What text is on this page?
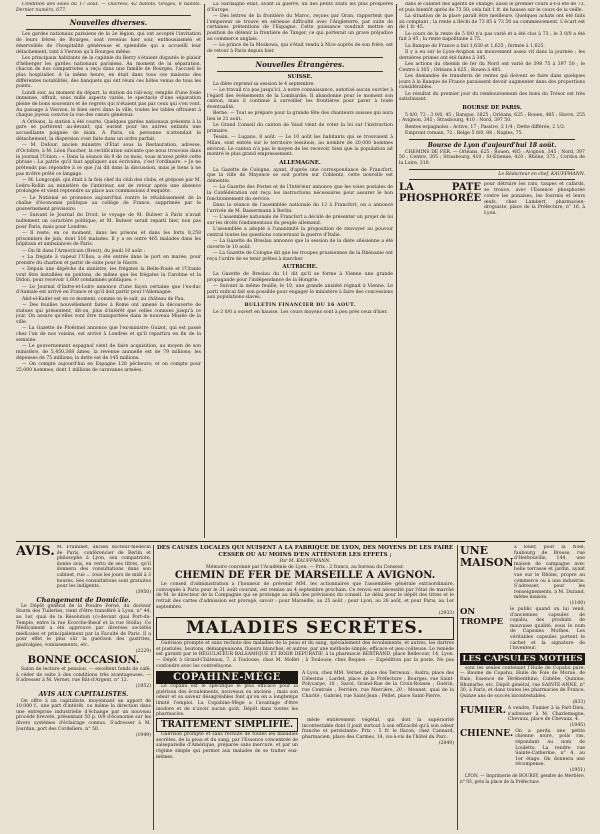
Condition des soies du 17 août. — Ouvrées, 42 ballots. Grèges, 8 ballots. Dernier numéro, 677.

Nouvelles diverses.

Les gardes nationaux parisiens de la 2e légion, qui ont accepté l'invitation de leurs frères de Bourges, sont revenus hier soir, enthousiasmés et émerveillés de l'hospitalité généreuse et splendide qui a accueilli leur détachement, tant à Vierzon qu'à Bourges même.

Les principaux habitants de la capitale du Berry s'étaient disputés le plaisir d'héberger les gardes nationaux parisiens. Au moment de la séparation, chacun de nos compatriotes a reçu dans une famille de Bourges, l'accueil le plus hospitalier. A la même heure, en était dans tous ces maisons des différentes notabilités, des banquets qui ont réuni ces hôtes venus de tous les points.

Lundi soir, au moment du départ, la station du rail-way, remplie d'une foule immense, offrait, sous mille aspects variés, le spectacle d'une séparation pleine de bons souvenirs et de regrets qui n'étaient pas par ceux qui s'en vont. Au passage à Vierzon, le bien servi dans la ville, toutes les tables offraient à chaque joyeux convive la vue des cœurs généreux.

A Orléans, la station a été courte. Quelques gardes nationaux présents à la gare se portèrent au-devant, qui eurent pour les autres enfants une accueillante poignée de main. A Paris, où personne n'attendait le détachement, la dispersion s'est faite dans un ordre parfait.

— M. Dufour, ancien ministre d'État sous la Restauration, adresse, d'Octobre, à M. Léon Faucher, la rectification suivante que nous trouvons dans le journal l'Union : « Dans la séance du 9 de ce mois, vous m'avez prêté cette phrase : La patrie qu'il faut appliquer aux écrivains, c'est l'ordinaire. » Je ne prétends pas répondre à ce que j'ai dit dans la discussion, mais je tiens à ne pas m'être prêté ce langage.

— M. Longcopié, qui était à la fois chef du club des clubs, et préposé par M. Ledru-Rollin au ministère de l'intérieur, est de retour après une absence prolongée et vient reprendre sa place aux commissions d'enquête.

— Le National se prononce aujourd'hui contre le rétablissement de la chaîne d'économie politique au collège de France, supprimée par le gouvernement provisoire.

— Suivant le Journal du Droit, le voyage de M. Bulwer à Paris n'avait nullement un caractère politique, et M. Bulwer serait reparti hier, non pas pour Paris, mais pour Londres.

— Il reste, en ce moment, dans les prisons et dans les forts 8,258 prisonniers de juin, dont 516 malades. Il y a en outre 465 malades dans les hôpitaux et ambulances de Paris.

— On lit dans l'Armoricain (Brest), du jeudi 10 août :

« La frégate à vapeur l'Ulloa, a été entrée dans le port en marée, pour prendre du charbon et partir de suite pour le Havre.

« Depuis une dépêche du ministre, les frégates la Belle-Poule et l'Uranie vont être installées en pontons, de même que les frégates la Caroline et la Didon, pour recevoir 1,600 condamnés politiques. »

— Le Journal d'Indre-et-Loire annonce d'une façon certaine que l'ex-duc d'Aumale est arrivé en France et qu'il doit partir pour l'Allemagne.

Abd-el-Kader est en ce moment, comme on le sait, au château de Pau.

— Des fouilles nouvellement faites à Rome ont amené la découverte de statues qui présentent, dit-on, plus d'intérêt que celles connues jusqu'à ce jour. On assure qu'elles vont être transportées dans le nouveau Musée de la ville.

— La Gazette de Ploërmel annonce que l'ex-ministre Guizot, qui est passé chez l'un de nos voisins, est arrivé à Londres et qu'il repartira en fin de la semaine.

— Le gouvernement espagnol vient de faire acquisition, au moyen de son ministère, de 5,450,368 âmes; la revenue annuelle est de 79 millions; les dépenses de 75 millions; la dette est de 145 millions.

— On compte aujourd'hui en Espagne 128 pêcheurs; et on compte pour 25,000 hommes, dont 1 millions de caravanes armées.

La Sardaigne était, avant la guerre, un des petits États les plus prospères d'Europe.

— Des lettres de la frontière du Maroc, reçues par Oran, rapportent que l'empereur se trouve en sérieuse difficulté avec l'Angleterre, par suite de certaines prétentions de l'Espagne. Cette puissance voudrait mettre en position de détenir la frontière de Tanger, ce qui porterait un grave préjudice au commerce anglais.

— Le prince de la Moskowa, qui s'était rendu à Nice auprès de son frère, est de retour à Paris depuis hier.

Nouvelles Étrangères.
SUISSE.

La diète reprend sa session le 4 septembre.

— Le travail n'a pas jusqu'ici, à notre connaissance, autorisé aucun ouvrier à l'égard des événements de la Lombardie. Il abandonne pour le moment son canton, mais il continue à surveiller les frontières pour parer à toute éventualité.

Berne. — Tout se prépare pour la grande fête des chanteurs suisses qui aura lieu le 21 août.

Le Grand Conseil du canton de Vaud vient de voter la loi sur l'instruction primaire.

Tessin. — Lugano, 8 août. — Le 10 août les habitants qui se trouvaient à Milan, sont entrés sur le territoire tessinois, au nombre de 20,000 hommes environ. Le canton n'a pas le moyen de les recevoir, bien que la population ait montré le plus grand empressement.

ALLEMAGNE.

La Gazette de Cologne, ayant, d'après une correspondance de Francfort, que la ville de Mayence se soit portée sur Coblentz, cette nouvelle est démentie.

— La Gazette des Postes et de l'Intérieur annonce que les voies postales de la Confédération ont reçu les instructions nécessaires pour assurer le bon fonctionnement du service.

Dans la séance de l'assemblée nationale du 12 à Francfort, on a annoncé l'arrivée de M. Bassermann à Berlin.

— L'assemblée nationale de Francfort a décidé de présenter un projet de loi sur les droits fondamentaux du peuple allemand.

L'assemblée a adopté à l'unanimité la proposition de renvoyer au pouvoir central toutes les questions concernant la guerre d'Italie.

— La Gazette de Breslau annonce que la session de la diète silésienne a été ouverte le 10 août.

— La Gazette de Cologne dit que les troupes prussiennes de la Rhénanie ont reçu l'ordre de se tenir prêtes à marcher.

AUTRICHE.

La Gazette de Breslau du 11 dit qu'il se forme à Vienne une grande propagande pour l'indépendance de la Hongrie.

— Suivant la même feuille, le 10, une grande anxiété régnait à Vienne. Le parti radical fait son possible pour engager le ministère à faire des concessions aux populations slaves.

BULLETIN FINANCIER DU 16 AOUT.

Le 3 0/0 a ouvert en hausse. Les cours moyens sont à peu près ceux d'hier.

dans le cabinet des agents de change; aussi le premier cours a-t-il été de 73, et puis bientôt après de 73 50; cela fait 1 fr. de hausse sur le cours de la veille.

La situation de la place paraît être meilleure. Quelques achats ont été faits au comptant ; la rente a fléchi de 73 85 à 73 50 au commencement. L'écart est de 1 fr. 45.

Le cours de la rente de 5 0/0 n'a pas varié et a été clos à 73 ; le 3 0/0 a été fait à 45 ; la rente napolitaine à 75.

La Banque de France a fait 1,630 et 1,625 ; fermée à 1,625.

Il y a eu sur le Lyon-Avignon un mouvement assez vif dans la journée ; les dernières primes ont été faites à 345.

Les actions du chemin de fer du Nord ont varié de 398 75 à 397 50 ; le Centre à 305 ; Orléans à 625 ; Rouen à 485.

Les demandes de transferts de rentes qui doivent se faire dans quelques jours à la Banque de France paraissent devoir augmenter dans des proportions considérables.

Le résultat du premier jour du remboursement des bons du Trésor est très satisfaisant.

BOURSE DE PARIS.

5 0/0, 73 ; 3 0/0, 45 ; Banque, 1625 ; Orléans, 625 ; Rouen, 485 ; Havre, 255 ; Avignon, 345 ; Strasbourg, 410 ; Nord, 397 50.

Rentes espagnoles : Active, 17 ; Passive, 3 1/4 ; Dette différée, 2 1/2.

Emprunt romain, 72 ; Belge 5 0/0, 88 ; Naples, 75.

Bourse de Lyon d'aujourd'hui 18 août.

CHEMINS DE FER. — Orléans, 625 ; Rouen, 485 ; Avignon, 345 ; Nord, 397 50 ; Centre, 305 ; Strasbourg, 410 ; St-Étienne, 420 ; Rhône, 375 ; Cordou de la Loire, 310.

Le Rédacteur en chef, KAUFFMANN.

LA PATE PHOSPHORÉE
pour détruire les rats, taupes et cafards, se trouve, avec l'Essence phosphorée contre les punaises, les fourmis et leurs œufs, chez Lambert, pharmacien-droguiste, place de la Préfecture, n° 16, à Lyon.
AVIS. M. Framinet, ancien docteur-médecin de Paris, conférencier de Berlin et philosophe à Lyon, son compatriote, donne avis, en vertu de ses titres, qu'il donnera des consultations dans son cabinet, rue ... tous les jours de midi à 3 heures. Ses consultations sont gratuites pour les indigents.

(3950)

Changement de Domicile.

Le Dépôt général de la Poudre Ferné, du docteur Sturm des Tuileries, vient d'être transféré à Lyon, n° 44, au 1er, quai de la Résolution (ci-devant quai Port-du-Temple, entre la rue Écorche-Bœuf et la rue Stella). Ce Médicament a été approuvé par diverses sociétés médicales et principalement par la Faculté de Paris. Il a pour effet le plus sûr la guérison des gastrites, gastralgies, vomissements, etc.

(2229)

BONNE OCCASION.

Salon de lecture et pension, — excellent fonds de café, à céder de suite à des conditions très avantageuses. — S'adresser à M. Vernet, rue Bât-d'Argent, n° 12.

(1952)

AVIS AUX CAPITALISTES.

On offre à un capitaliste, moyennant un apport de 10,000 f., une part d'intérêt, ou même la direction dans une entreprise industrielle d'échange par un nouveau procédé breveté, présentant 50 p. 0/0 d'économie sur les divers systèmes d'éclairage connus. S'adresser à M. Jourdan, port des Cordeliers, n° 50.

(1949)

DES CAUSES LOCALES QUI NUISENT A LA FABRIQUE DE LYON, DES MOYENS DE LES FAIRE CESSER OU AU MOINS D'EN ATTÉNUER LES EFFETS ;
Par M. KAUFFMANN.
Mémoire couronné par l'Académie de Lyon. — Prix : 2 francs, au bureau du Censeur.
CHEMIN DE FER DE MARSEILLE A AVIGNON.

Le conseil d'administration a l'honneur de prévenir MM. les actionnaires que l'assemblée générale extraordinaire, convoquée à Paris pour le 31 août courant, est remise au 4 septembre prochain. Ce renvoi est nécessité par l'état de marché de M. le directeur de la Compagnie qui se prolonge au delà des prévisions du conseil. Le délai pour le dépôt des titres et le retrait des cartes d'admission est prorogé, savoir : pour Marseille, au 25 août ; pour Lyon, au 26 août, et pour Paris, au 1er septembre.

(2933)

MALADIES SECRÈTES.

Guérison prompte et sans rechute des maladies de la peau et du sang, spécialement des écoulements, et autres, les dartres et pustules, boutons, démangeaisons, flueurs blanches, et autres, par une méthode simple, efficace et peu coûteuse. Le remède est garanti par le RÉGULATEUR BALSAMIQUE ET ROOB DÉPURATIF, à la pharmacie BERTRAND, place Bellecour, 14, Lyon. — Dépôt à Grand-Châteaux, 7, à Toulouse, chez M. Mollet ; à Toulouse, chez Roques. — Expédition par la poste. Ne pas confondre avec les contrefaçons.

COPAHINE-MÉGE

Le copahu est le spécifique le plus efficace pour la guérison des écoulements, nouveaux ou anciens ; mais son odeur et sa saveur désagréables font qu'on en a longtemps limité l'emploi. La Copahine-Mège a l'avantage d'être inodore et de n'avoir aucun goût. Dépôt dans toutes les pharmacies.

A Lyon, chez MM. Vernet, place des Terreaux ; Audra, place des Célestins ; Lardet, place de la Préfecture ; Bourges, rue Saint-Polycarpe, 10 ; Savoi, Grand-Rue de la Croix-Rousse ; Guérin, rue Centrale ; Ferrière, rue Mercière, 20 ; Monnet, quai de la Charité ; Gabriel, rue Saint-Jean ; Pellet, place Saint-Pierre.
TRAITEMENT SIMPLIFIÉ.

Guérison prompte et sans rechute de toutes les maladies secrètes, de la peau et du sang, par l'Essence concentrée de salsepareille d'Amérique, préparée sans mercure, et par un régime simple qui permet aux malades de se traiter eux-mêmes.

mède entièrement végétal, qui doit la supériorité incontestable dont il jouit surtout à son efficacité qu'à son odeur franche et persistante. Prix : 5 fr. le flacon, chez Cannard, pharmacien, place des Carmes, 14, vis-à-vis de l'hôtel du Parc.

(2849)

UNE MAISON
à louer, pour la Noël, faubourg de Bresse, rue d'Herbouville, 144, une maison de campagne avec belle terrasse et jardin, ayant vue sur le Rhône, propre au commerce ou à une industrie. S'adresser, pour les renseignements, à M. Durand, même maison.

(1100)

ON TROMPE
le public quand on lui vend, d'anciennes capsules de copahu, des produits de mauvaise qualité, sous le nom de Capsules Mothes. Les véritables capsules portent le cachet et la signature de l'inventeur.
LES CAPSULES MOTHES

sont les seules contenant l'Huile de Copahu pure. — Baume de Copahu, Huile de Foie de Morue, de Raie, Essence de Térébenthine, Cubèbe, Quinine, Rhubarbe, etc. Dépôt général, rue SAINTE-ANNE, n° 30, à Paris, et dans toutes les pharmacies de France. Quinze ans de succès incontestables.

(833)

FUMIER. A vendre, Fumier à la Part-Dieu, s'adresser à M. Charlemagne, Chevaux, place de Chevaux, 4.

(1045)

CHIENNE. On a perdu une petite chienne noire, poils ras, répondant au nom de Loulette. La rendre rue Sainte-Catherine, n° 4, au 1er étage. On donnera une récompense.

(1951)

LYON. — Imprimerie de BOURSY, gendre de Mertière, n° 93, près la place de la Préfecture.
